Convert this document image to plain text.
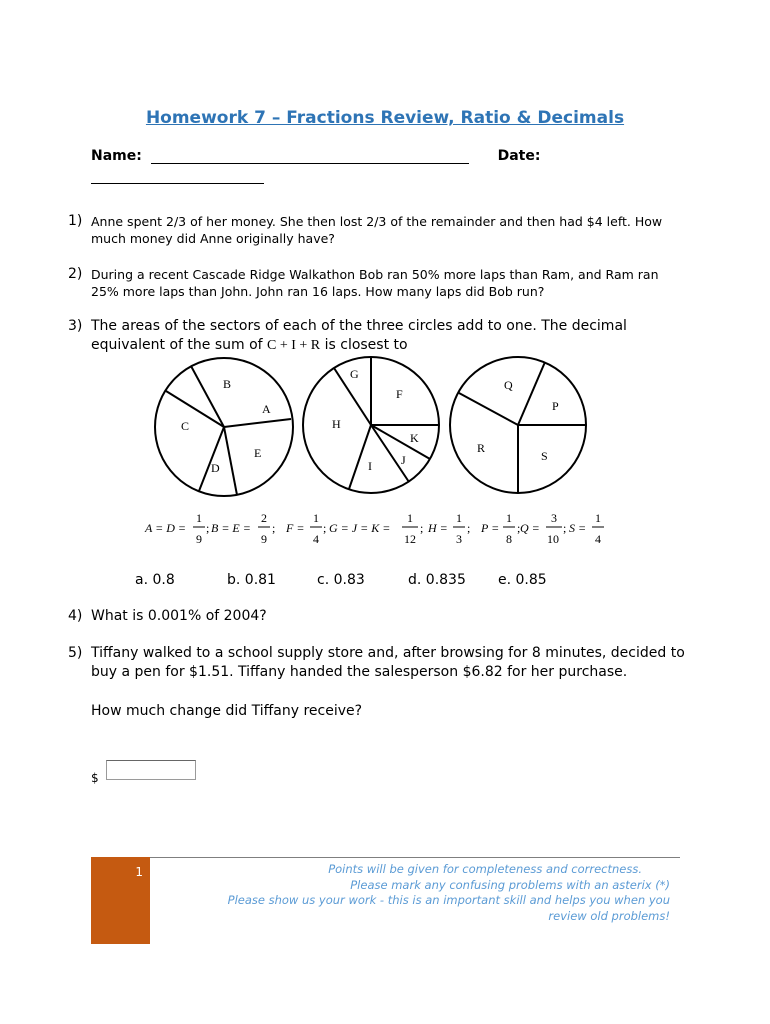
Homework 7 – Fractions Review, Ratio & Decimals
Name:	Date:
1) Anne spent 2/3 of her money. She then lost 2/3 of the remainder and then had $4 left. How much money did Anne originally have?
2) During a recent Cascade Ridge Walkathon Bob ran 50% more laps than Ram, and Ram ran 25% more laps than John. John ran 16 laps. How many laps did Bob run?
3) The areas of the sectors of each of the three circles add to one. The decimal equivalent of the sum of C + I + R is closest to
B
A
C
E
D
G
F
H
K
J
I
Q
P
R
S
A = D =
1
9
; B = E =
2
9
; F =
1
4
; G = J = K =
1
12
; H =
1
3
; P =
1
8
; Q =
3
10
; S =
1
4
a. 0.8	b. 0.81	c. 0.83	d. 0.835 e. 0.85
4) What is 0.001% of 2004?
5) Tiffany walked to a school supply store and, after browsing for 8 minutes, decided to buy a pen for $1.51. Tiffany handed the salesperson $6.82 for her purchase.
How much change did Tiffany receive?
$
1	Points will be given for completeness and correctness.
Please mark any confusing problems with an asterix (*)
Please show us your work - this is an important skill and helps you when you
review old problems!
